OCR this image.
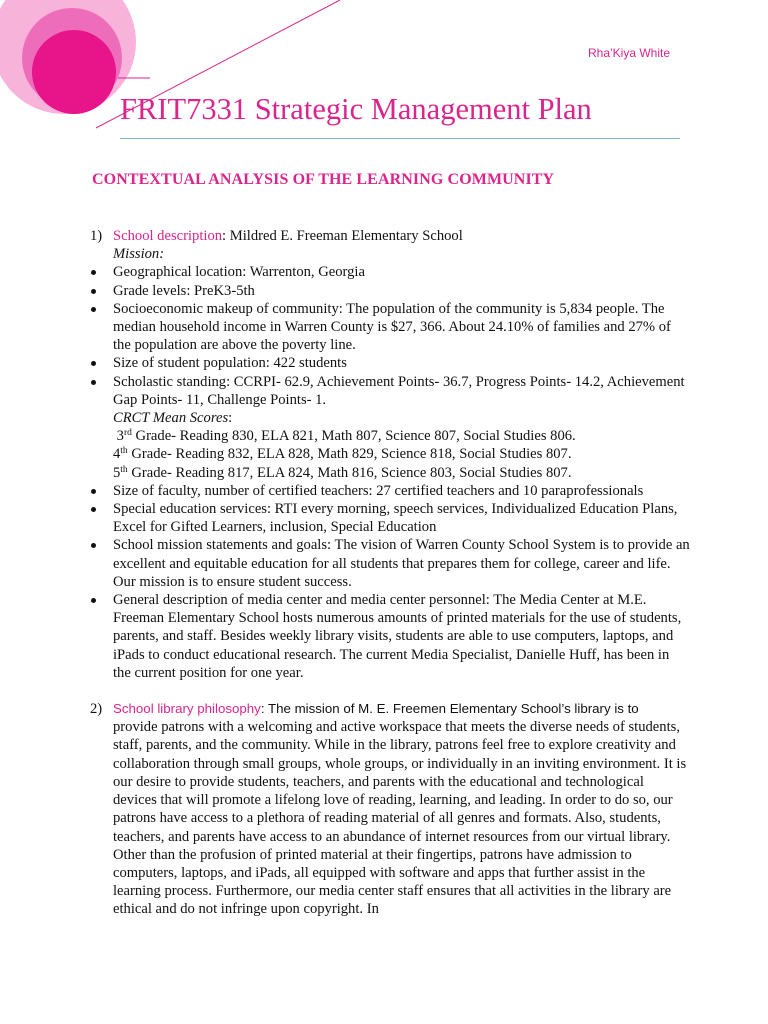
Rha’Kiya White
FRIT7331 Strategic Management Plan
CONTEXTUAL ANALYSIS OF THE LEARNING COMMUNITY
1) School description: Mildred E. Freeman Elementary School
Mission:
Geographical location: Warrenton, Georgia
Grade levels: PreK3-5th
Socioeconomic makeup of community: The population of the community is 5,834 people. The median household income in Warren County is $27, 366. About 24.10% of families and 27% of the population are above the poverty line.
Size of student population: 422 students
Scholastic standing: CCRPI- 62.9, Achievement Points- 36.7, Progress Points- 14.2, Achievement Gap Points- 11, Challenge Points- 1.
CRCT Mean Scores:
3rd Grade- Reading 830, ELA 821, Math 807, Science 807, Social Studies 806.
4th Grade- Reading 832, ELA 828, Math 829, Science 818, Social Studies 807.
5th Grade- Reading 817, ELA 824, Math 816, Science 803, Social Studies 807.
Size of faculty, number of certified teachers: 27 certified teachers and 10 paraprofessionals
Special education services: RTI every morning, speech services, Individualized Education Plans, Excel for Gifted Learners, inclusion, Special Education
School mission statements and goals: The vision of Warren County School System is to provide an excellent and equitable education for all students that prepares them for college, career and life. Our mission is to ensure student success.
General description of media center and media center personnel: The Media Center at M.E. Freeman Elementary School hosts numerous amounts of printed materials for the use of students, parents, and staff. Besides weekly library visits, students are able to use computers, laptops, and iPads to conduct educational research. The current Media Specialist, Danielle Huff, has been in the current position for one year.
2) School library philosophy: The mission of M. E. Freemen Elementary School’s library is to
provide patrons with a welcoming and active workspace that meets the diverse needs of students, staff, parents, and the community. While in the library, patrons feel free to explore creativity and collaboration through small groups, whole groups, or individually in an inviting environment. It is our desire to provide students, teachers, and parents with the educational and technological devices that will promote a lifelong love of reading, learning, and leading. In order to do so, our patrons have access to a plethora of reading material of all genres and formats. Also, students, teachers, and parents have access to an abundance of internet resources from our virtual library. Other than the profusion of printed material at their fingertips, patrons have admission to computers, laptops, and iPads, all equipped with software and apps that further assist in the learning process. Furthermore, our media center staff ensures that all activities in the library are ethical and do not infringe upon copyright. In
